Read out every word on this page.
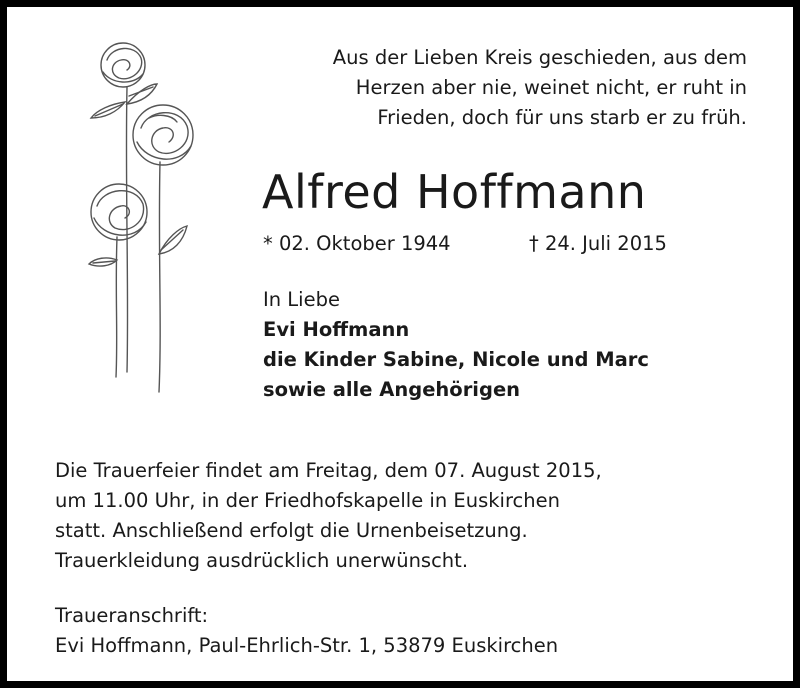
Aus der Lieben Kreis geschieden, aus dem
Herzen aber nie, weinet nicht, er ruht in
Frieden, doch für uns starb er zu früh.
Alfred Hoffmann
* 02. Oktober 1944	† 24. Juli 2015
In Liebe
Evi Hoffmann
die Kinder Sabine, Nicole und Marc
sowie alle Angehörigen
Die Trauerfeier findet am Freitag, dem 07. August 2015,
um 11.00 Uhr, in der Friedhofskapelle in Euskirchen
statt. Anschließend erfolgt die Urnenbeisetzung.
Trauerkleidung ausdrücklich unerwünscht.
Traueranschrift:
Evi Hoffmann, Paul-Ehrlich-Str. 1, 53879 Euskirchen
